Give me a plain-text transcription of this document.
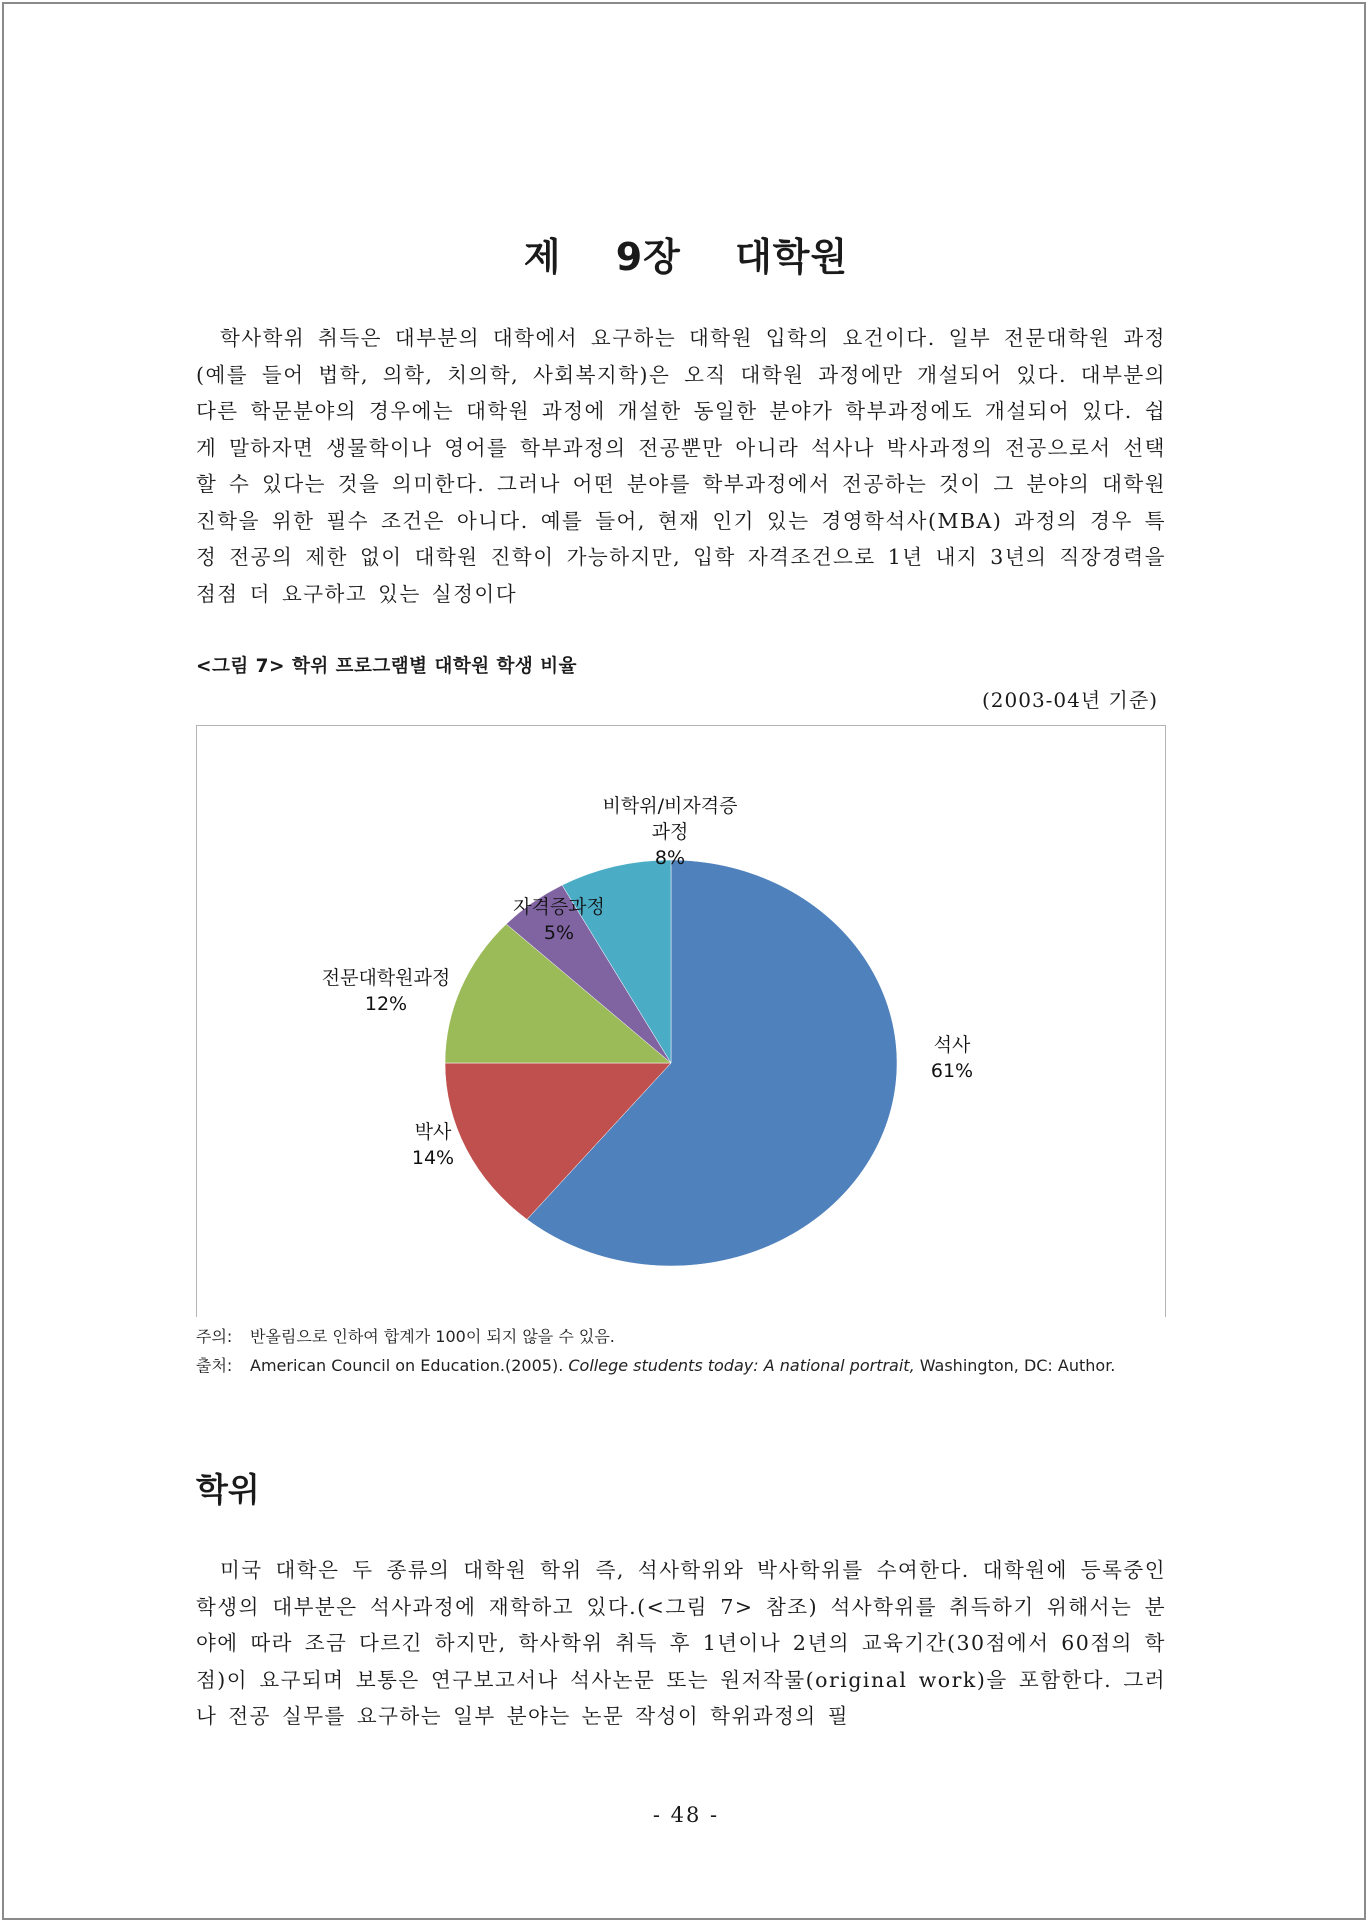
제 9장 대학원

학사학위 취득은 대부분의 대학에서 요구하는 대학원 입학의 요건이다. 일부 전문대학원 과정(예를 들어 법학, 의학, 치의학, 사회복지학)은 오직 대학원 과정에만 개설되어 있다. 대부분의 다른 학문분야의 경우에는 대학원 과정에 개설한 동일한 분야가 학부과정에도 개설되어 있다. 쉽게 말하자면 생물학이나 영어를 학부과정의 전공뿐만 아니라 석사나 박사과정의 전공으로서 선택할 수 있다는 것을 의미한다. 그러나 어떤 분야를 학부과정에서 전공하는 것이 그 분야의 대학원 진학을 위한 필수 조건은 아니다. 예를 들어, 현재 인기 있는 경영학석사(MBA) 과정의 경우 특정 전공의 제한 없이 대학원 진학이 가능하지만, 입학 자격조건으로 1년 내지 3년의 직장경력을 점점 더 요구하고 있는 실정이다

<그림 7> 학위 프로그램별 대학원 학생 비율
(2003-04년 기준)
석사 61%
박사 14%
전문대학원과정 12%
자격증과정 5%
비학위/비자격증 과정 8%
주의: 반올림으로 인하여 합계가 100이 되지 않을 수 있음.
출처: American Council on Education.(2005). College students today: A national portrait, Washington, DC: Author.
학위

미국 대학은 두 종류의 대학원 학위 즉, 석사학위와 박사학위를 수여한다. 대학원에 등록중인 학생의 대부분은 석사과정에 재학하고 있다.(<그림 7> 참조) 석사학위를 취득하기 위해서는 분야에 따라 조금 다르긴 하지만, 학사학위 취득 후 1년이나 2년의 교육기간(30점에서 60점의 학점)이 요구되며 보통은 연구보고서나 석사논문 또는 원저작물(original work)을 포함한다. 그러나 전공 실무를 요구하는 일부 분야는 논문 작성이 학위과정의 필

- 48 -
